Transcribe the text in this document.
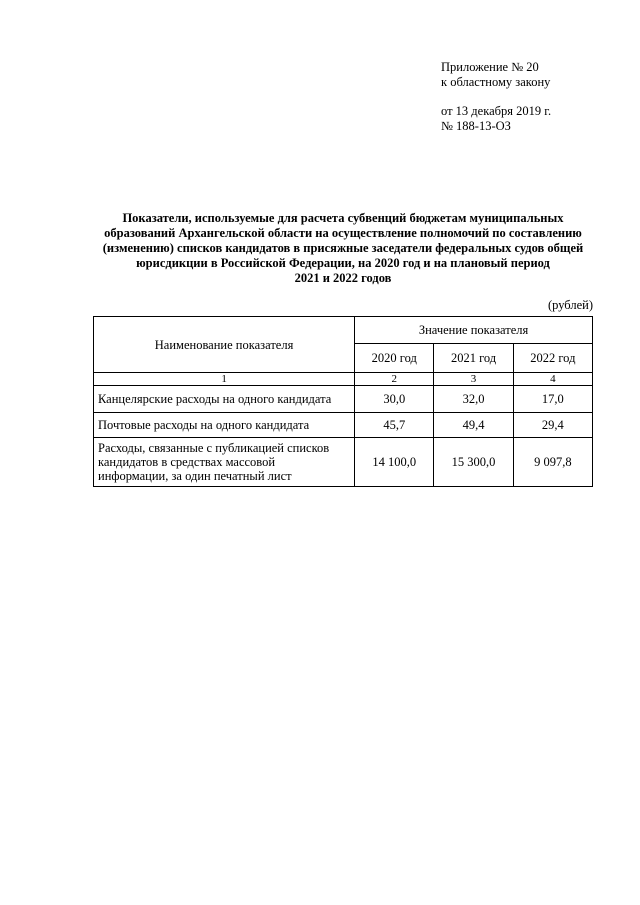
Приложение № 20
к областному закону
от 13 декабря 2019 г.
№ 188-13-ОЗ
Показатели, используемые для расчета субвенций бюджетам муниципальных
образований Архангельской области на осуществление полномочий по составлению
(изменению) списков кандидатов в присяжные заседатели федеральных судов общей
юрисдикции в Российской Федерации, на 2020 год и на плановый период
2021 и 2022 годов
(рублей)
Наименование показателя	Значение показателя		
	2020 год	2021 год	2022 год
1	2	3	4
Канцелярские расходы на одного кандидата	30,0	32,0	17,0
Почтовые расходы на одного кандидата	45,7	49,4	29,4

Расходы, связанные с публикацией списков
кандидатов в средствах массовой
информации, за один печатный лист	14 100,0	15 300,0	9 097,8
